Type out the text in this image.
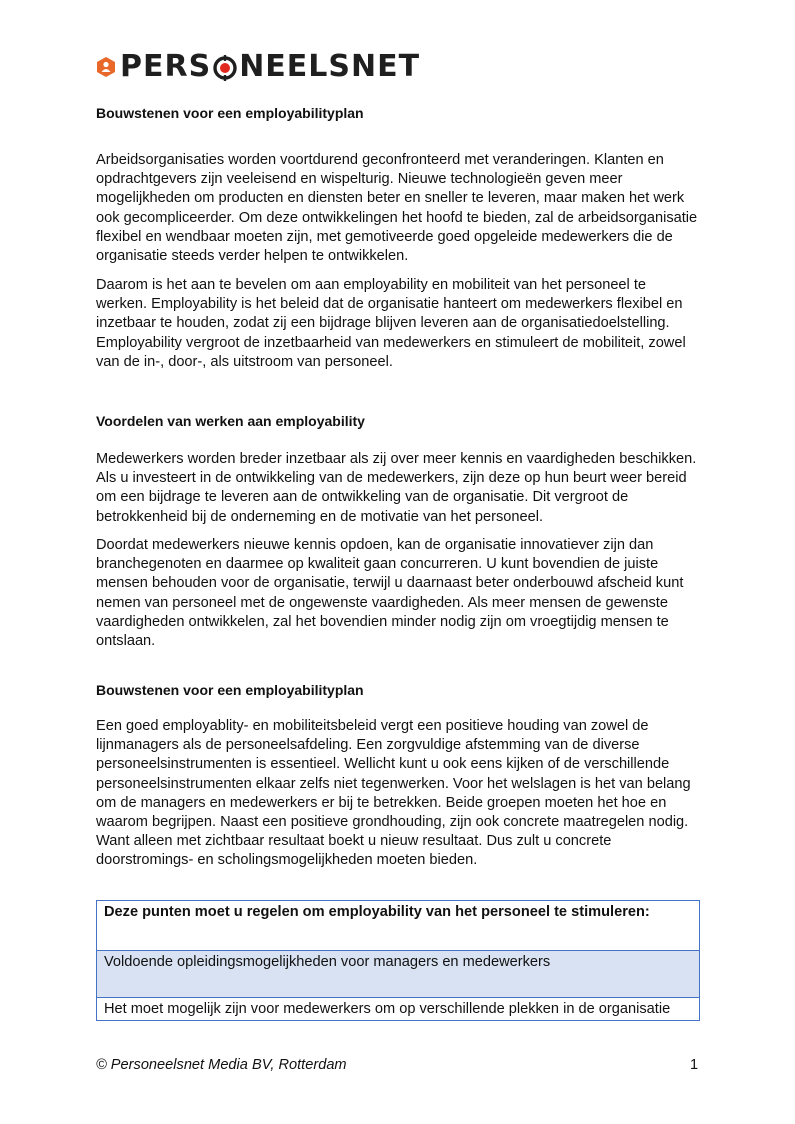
PERS NEELSNET
Bouwstenen voor een employabilityplan

Arbeidsorganisaties worden voortdurend geconfronteerd met veranderingen. Klanten en opdrachtgevers zijn veeleisend en wispelturig. Nieuwe technologieën geven meer mogelijkheden om producten en diensten beter en sneller te leveren, maar maken het werk ook gecompliceerder. Om deze ontwikkelingen het hoofd te bieden, zal de arbeidsorganisatie flexibel en wendbaar moeten zijn, met gemotiveerde goed opgeleide medewerkers die de organisatie steeds verder helpen te ontwikkelen.

Daarom is het aan te bevelen om aan employability en mobiliteit van het personeel te werken. Employability is het beleid dat de organisatie hanteert om medewerkers flexibel en inzetbaar te houden, zodat zij een bijdrage blijven leveren aan de organisatiedoelstelling. Employability vergroot de inzetbaarheid van medewerkers en stimuleert de mobiliteit, zowel van de in-, door-, als uitstroom van personeel.

Voordelen van werken aan employability

Medewerkers worden breder inzetbaar als zij over meer kennis en vaardigheden beschikken. Als u investeert in de ontwikkeling van de medewerkers, zijn deze op hun beurt weer bereid om een bijdrage te leveren aan de ontwikkeling van de organisatie. Dit vergroot de betrokkenheid bij de onderneming en de motivatie van het personeel.

Doordat medewerkers nieuwe kennis opdoen, kan de organisatie innovatiever zijn dan branchegenoten en daarmee op kwaliteit gaan concurreren. U kunt bovendien de juiste mensen behouden voor de organisatie, terwijl u daarnaast beter onderbouwd afscheid kunt nemen van personeel met de ongewenste vaardigheden. Als meer mensen de gewenste vaardigheden ontwikkelen, zal het bovendien minder nodig zijn om vroegtijdig mensen te ontslaan.

Bouwstenen voor een employabilityplan

Een goed employablity- en mobiliteitsbeleid vergt een positieve houding van zowel de lijnmanagers als de personeelsafdeling. Een zorgvuldige afstemming van de diverse personeelsinstrumenten is essentieel. Wellicht kunt u ook eens kijken of de verschillende personeelsinstrumenten elkaar zelfs niet tegenwerken. Voor het welslagen is het van belang om de managers en medewerkers er bij te betrekken. Beide groepen moeten het hoe en waarom begrijpen. Naast een positieve grondhouding, zijn ook concrete maatregelen nodig. Want alleen met zichtbaar resultaat boekt u nieuw resultaat. Dus zult u concrete doorstromings- en scholingsmogelijkheden moeten bieden.

Deze punten moet u regelen om employability van het personeel te stimuleren:
Voldoende opleidingsmogelijkheden voor managers en medewerkers
Het moet mogelijk zijn voor medewerkers om op verschillende plekken in de organisatie
© Personeelsnet Media BV, Rotterdam	1
